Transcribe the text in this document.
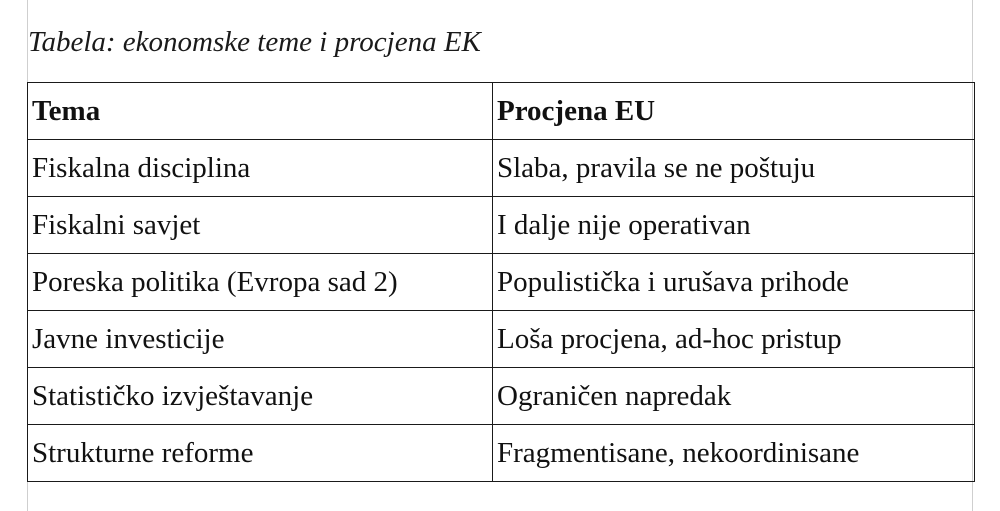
Tabela: ekonomske teme i procjena EK
Tema	Procjena EU
Fiskalna disciplina	Slaba, pravila se ne poštuju
Fiskalni savjet	I dalje nije operativan
Poreska politika (Evropa sad 2)	Populistička i urušava prihode
Javne investicije	Loša procjena, ad-hoc pristup
Statističko izvještavanje	Ograničen napredak
Strukturne reforme	Fragmentisane, nekoordinisane
